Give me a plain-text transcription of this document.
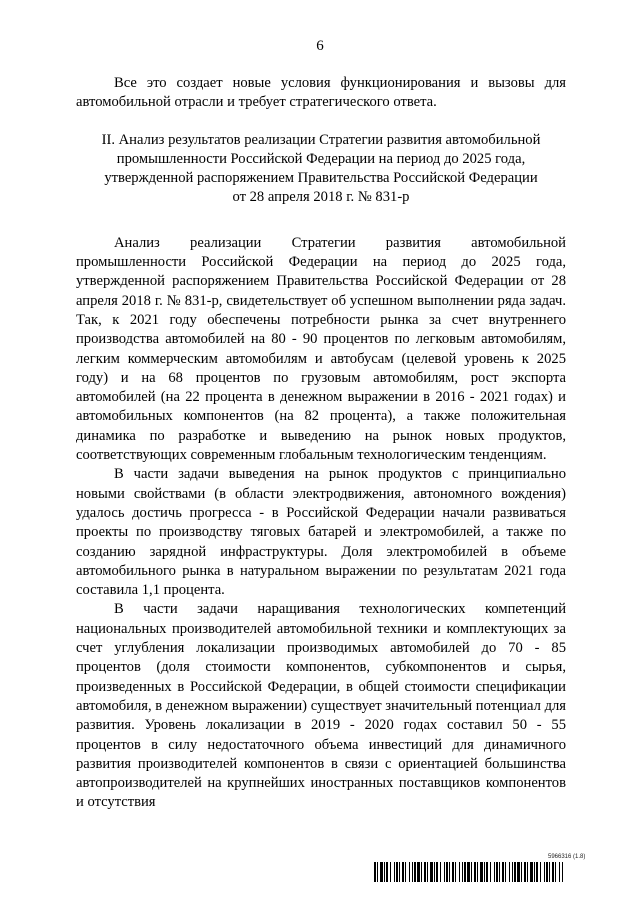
6

Все это создает новые условия функционирования и вызовы для автомобильной отрасли и требует стратегического ответа.

II. Анализ результатов реализации Стратегии развития автомобильной
промышленности Российской Федерации на период до 2025 года,
утвержденной распоряжением Правительства Российской Федерации
от 28 апреля 2018 г. № 831-р

Анализ реализации Стратегии развития автомобильной промышленности Российской Федерации на период до 2025 года, утвержденной распоряжением Правительства Российской Федерации от 28 апреля 2018 г. № 831-р, свидетельствует об успешном выполнении ряда задач. Так, к 2021 году обеспечены потребности рынка за счет внутреннего производства автомобилей на 80 - 90 процентов по легковым автомобилям, легким коммерческим автомобилям и автобусам (целевой уровень к 2025 году) и на 68 процентов по грузовым автомобилям, рост экспорта автомобилей (на 22 процента в денежном выражении в 2016 - 2021 годах) и автомобильных компонентов (на 82 процента), а также положительная динамика по разработке и выведению на рынок новых продуктов, соответствующих современным глобальным технологическим тенденциям.

В части задачи выведения на рынок продуктов с принципиально новыми свойствами (в области электродвижения, автономного вождения) удалось достичь прогресса - в Российской Федерации начали развиваться проекты по производству тяговых батарей и электромобилей, а также по созданию зарядной инфраструктуры. Доля электромобилей в объеме автомобильного рынка в натуральном выражении по результатам 2021 года составила 1,1 процента.

В части задачи наращивания технологических компетенций национальных производителей автомобильной техники и комплектующих за счет углубления локализации производимых автомобилей до 70 - 85 процентов (доля стоимости компонентов, субкомпонентов и сырья, произведенных в Российской Федерации, в общей стоимости спецификации автомобиля, в денежном выражении) существует значительный потенциал для развития. Уровень локализации в 2019 - 2020 годах составил 50 - 55 процентов в силу недостаточного объема инвестиций для динамичного развития производителей компонентов в связи с ориентацией большинства автопроизводителей на крупнейших иностранных поставщиков компонентов и отсутствия

5966316 (1.8)
